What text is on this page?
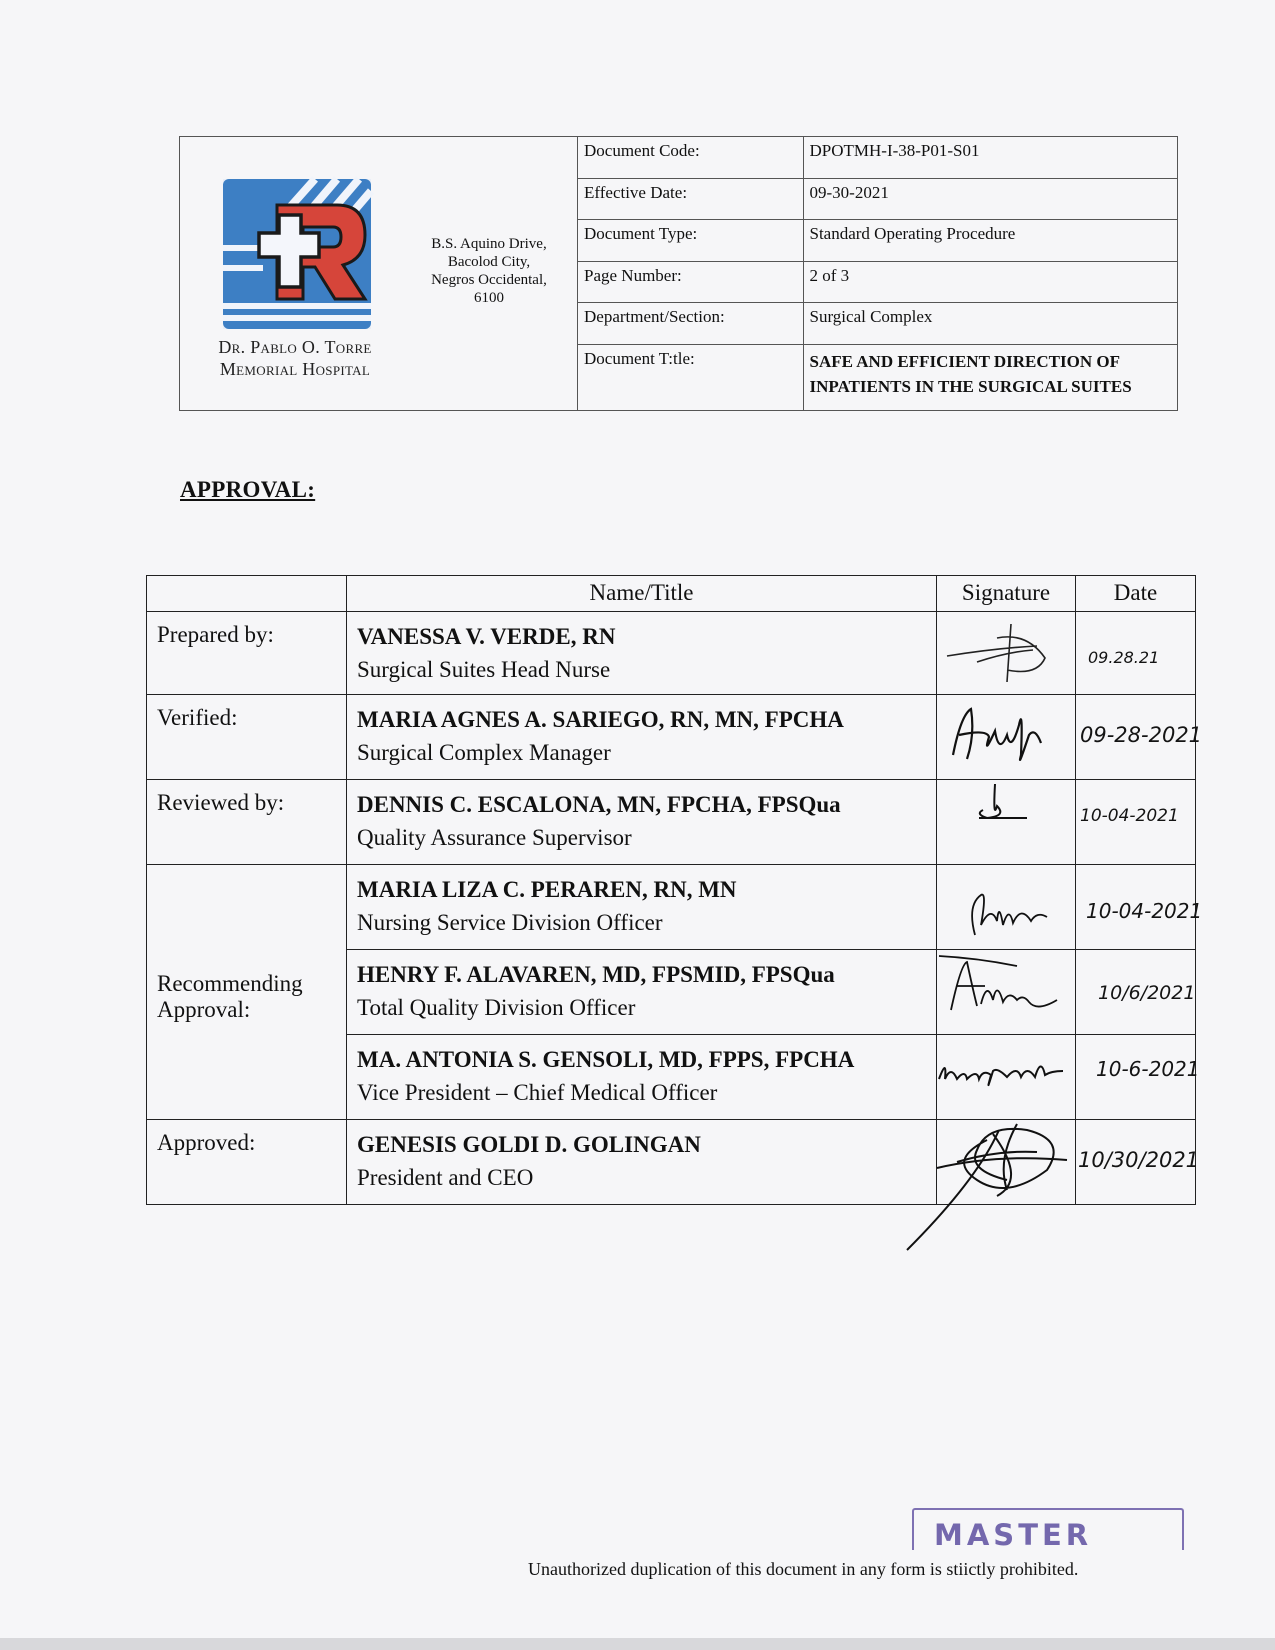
Dr. Pablo O. Torre
Memorial Hospital
B.S. Aquino Drive,
Bacolod City,
Negros Occidental,
6100
Document Code:	DPOTMH-I-38-P01-S01
Effective Date:	09-30-2021
Document Type:	Standard Operating Procedure
Page Number:	2 of 3
Department/Section:	Surgical Complex
Document T:tle:	SAFE AND EFFICIENT DIRECTION OF INPATIENTS IN THE SURGICAL SUITES
APPROVAL:
	Name/Title	Signature	Date
Prepared by:	VANESSA V. VERDE, RN
Surgical Suites Head Nurse		09.28.21

Verified:	MARIA AGNES A. SARIEGO, RN, MN, FPCHA
Surgical Complex Manager		09-28-2021

Reviewed by:	DENNIS C. ESCALONA, MN, FPCHA, FPSQua
Quality Assurance Supervisor		10-04-2021

Recommending Approval:	MARIA LIZA C. PERAREN, RN, MN
Nursing Service Division Officer		10-04-2021

	HENRY F. ALAVAREN, MD, FPSMID, FPSQua
Total Quality Division Officer		10/6/2021

	MA. ANTONIA S. GENSOLI, MD, FPPS, FPCHA
Vice President – Chief Medical Officer		10-6-2021

Approved:	GENESIS GOLDI D. GOLINGAN
President and CEO		10/30/2021
MASTER
Unauthorized duplication of this document in any form is stiictly prohibited.
